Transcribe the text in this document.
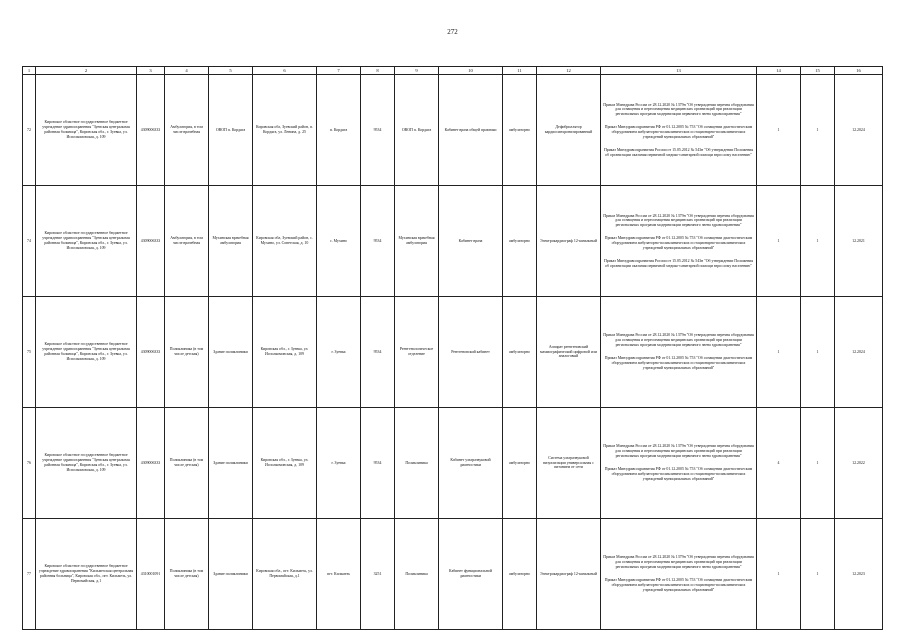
272
1	2	3	4	5	6	7	8	9	10	11	12	13	14	15	16
72	Кировское областное государственное бюджетное учреждение здравоохранения "Зуевская центральная районная больница", Кировская обл., г. Зуевка, ул. Исполкомовская, д. 109	4309006333	Амбулатория, в том числе врачебная	ОВОП п. Кордяга	Кировская обл, Зуевский район, п. Кордяга, ул. Ленина, д. 25	п. Кордяга	9534	ОВОП п. Кордяга	Кабинет врача общей практики	амбулаторно	Дефибриллятор кардиосинхронизированный	Приказ Минздрава России от 28.12.2020 № 1379н "Об утверждении перечня оборудования для оснащения и переоснащения медицинских организаций при реализации региональных программ модернизации первичного звена здравоохранения"

Приказ Минздравсоцразвития РФ от 01.12.2005 № 753 "Об оснащении диагностическим оборудованием амбулаторно-поликлинических и стационарно-поликлинических учреждений муниципальных образований"

Приказ Минздравсоцразвития России от 15.05.2012 № 543н "Об утверждении Положения об организации оказания первичной медико-санитарной помощи взрослому населению"	1	1	12.2024
74	Кировское областное государственное бюджетное учреждение здравоохранения "Зуевская центральная районная больница", Кировская обл., г. Зуевка, ул. Исполкомовская, д. 109	4309006333	Амбулатория, в том числе врачебная	Мухинская врачебная амбулатория	Кировская обл, Зуевский район, с. Мухино, ул. Советская, д. 10	с. Мухино	9534	Мухинская врачебная амбулатория	Кабинет врача	амбулаторно	Электрокардиограф 12-канальный	Приказ Минздрава России от 28.12.2020 № 1379н "Об утверждении перечня оборудования для оснащения и переоснащения медицинских организаций при реализации региональных программ модернизации первичного звена здравоохранения"

Приказ Минздравсоцразвития РФ от 01.12.2005 № 753 "Об оснащении диагностическим оборудованием амбулаторно-поликлинических и стационарно-поликлинических учреждений муниципальных образований"

Приказ Минздравсоцразвития России от 15.05.2012 № 543н "Об утверждении Положения об организации оказания первичной медико-санитарной помощи взрослому населению"	1	1	12.2021
75	Кировское областное государственное бюджетное учреждение здравоохранения "Зуевская центральная районная больница", Кировская обл., г. Зуевка, ул. Исполкомовская, д. 109	4309006333	Поликлиника (в том числе детская)	Здание поликлиники	Кировская обл., г. Зуевка, ул. Исполкомовская, д. 109	г. Зуевка	9534	Рентгенологическое отделение	Рентгеновский кабинет	амбулаторно	Аппарат рентгеновский маммографический цифровой или аналоговый	Приказ Минздрава России от 28.12.2020 № 1379н "Об утверждении перечня оборудования для оснащения и переоснащения медицинских организаций при реализации региональных программ модернизации первичного звена здравоохранения"

Приказ Минздравсоцразвития РФ от 01.12.2005 № 753 "Об оснащении диагностическим оборудованием амбулаторно-поликлинических и стационарно-поликлинических учреждений муниципальных образований"	1	1	12.2024
76	Кировское областное государственное бюджетное учреждение здравоохранения "Зуевская центральная районная больница", Кировская обл., г. Зуевка, ул. Исполкомовская, д. 109	4309006333	Поликлиника (в том числе детская)	Здание поликлиники	Кировская обл., г. Зуевка, ул. Исполкомовская, д. 109	г. Зуевка	9534	Поликлиника	Кабинет ультразвуковой диагностики	амбулаторно	Система ультразвуковой визуализации универсальная с питанием от сети	Приказ Минздрава России от 28.12.2020 № 1379н "Об утверждении перечня оборудования для оснащения и переоснащения медицинских организаций при реализации региональных программ модернизации первичного звена здравоохранения"

Приказ Минздравсоцразвития РФ от 01.12.2005 № 753 "Об оснащении диагностическим оборудованием амбулаторно-поликлинических и стационарно-поликлинических учреждений муниципальных образований"	4	1	12.2022
77	Кировское областное государственное бюджетное учреждение здравоохранения "Кильмезская центральная районная больница", Кировская обл., пгт. Кильмезь, ул. Первомайская, д.1	4310001091	Поликлиника (в том числе детская)	Здание поликлиники	Кировская обл., пгт. Кильмезь, ул. Первомайская, д.1	пгт. Кильмезь	3251	Поликлиника	Кабинет функциональной диагностики	амбулаторно	Электрокардиограф 12-канальный	Приказ Минздрава России от 28.12.2020 № 1379н "Об утверждении перечня оборудования для оснащения и переоснащения медицинских организаций при реализации региональных программ модернизации первичного звена здравоохранения"

Приказ Минздравсоцразвития РФ от 01.12.2005 № 753 "Об оснащении диагностическим оборудованием амбулаторно-поликлинических и стационарно-поликлинических учреждений муниципальных образований"	1	1	12.2023
